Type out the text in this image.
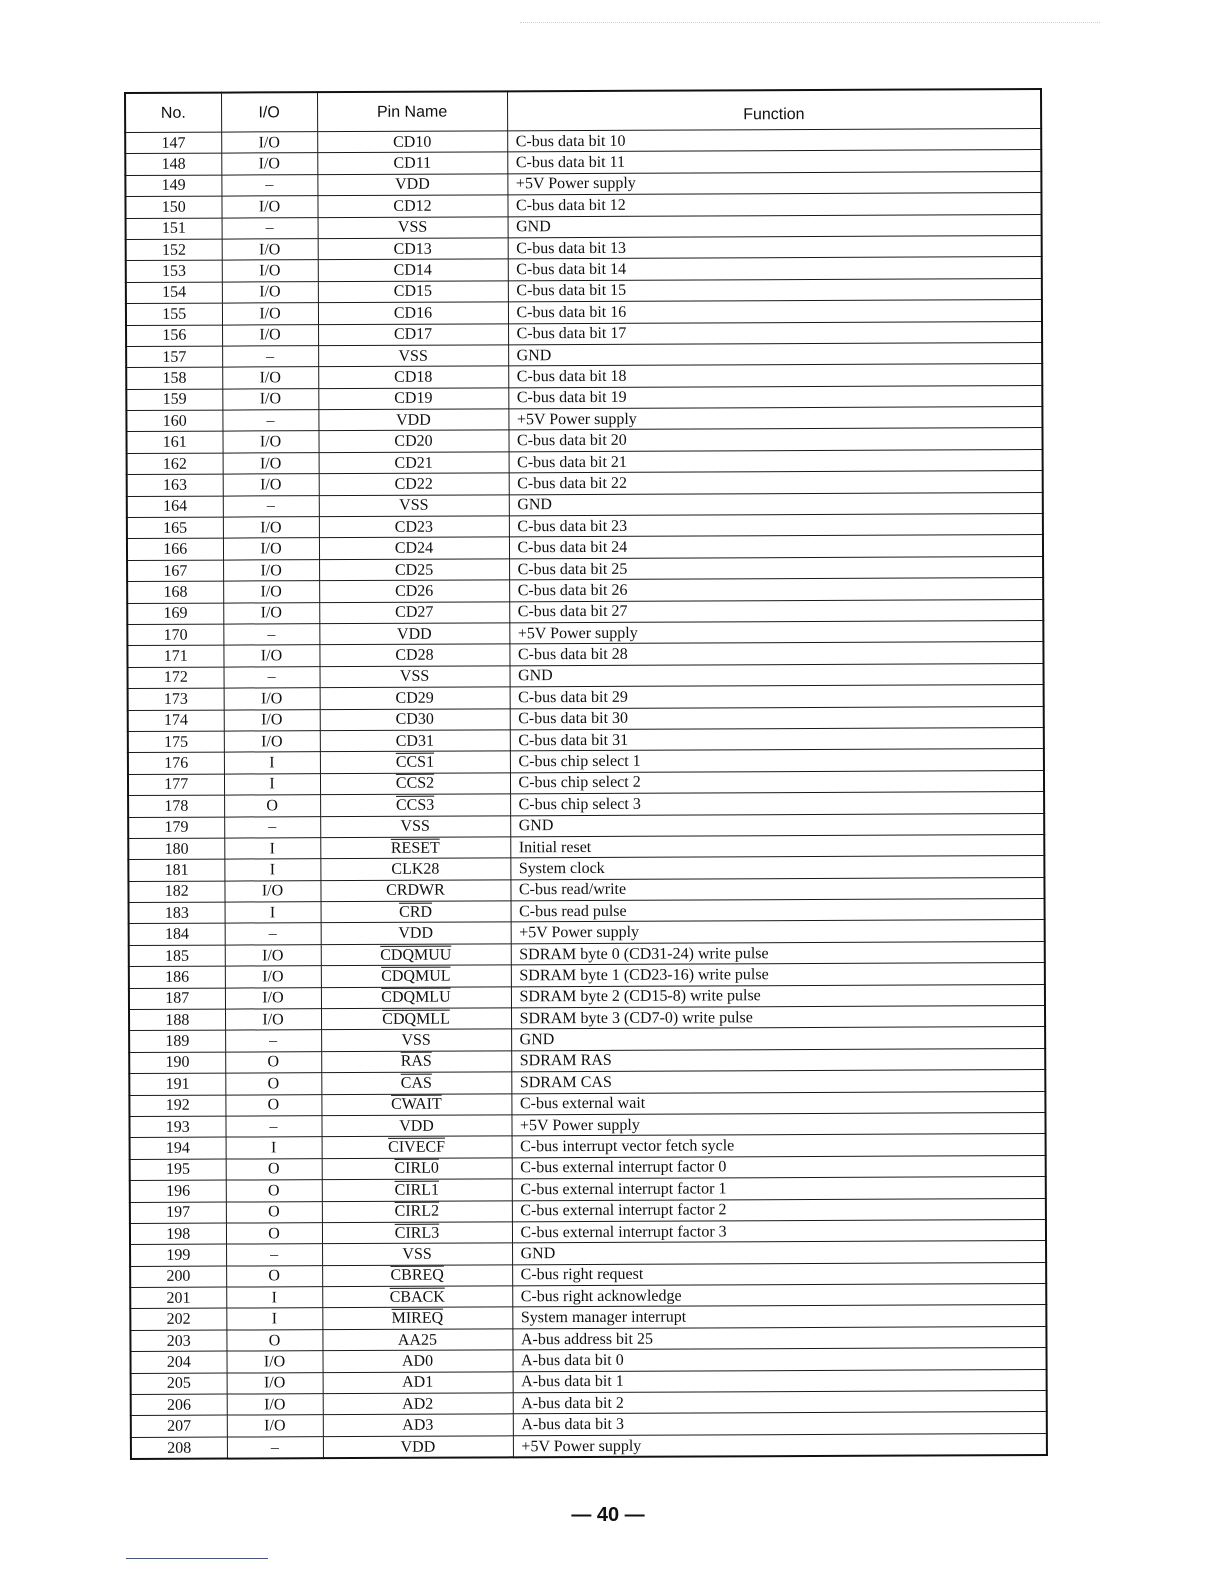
No.	I/O	Pin Name	Function
147	I/O	CD10	C-bus data bit 10
148	I/O	CD11	C-bus data bit 11
149	–	VDD	+5V Power supply
150	I/O	CD12	C-bus data bit 12
151	–	VSS	GND
152	I/O	CD13	C-bus data bit 13
153	I/O	CD14	C-bus data bit 14
154	I/O	CD15	C-bus data bit 15
155	I/O	CD16	C-bus data bit 16
156	I/O	CD17	C-bus data bit 17
157	–	VSS	GND
158	I/O	CD18	C-bus data bit 18
159	I/O	CD19	C-bus data bit 19
160	–	VDD	+5V Power supply
161	I/O	CD20	C-bus data bit 20
162	I/O	CD21	C-bus data bit 21
163	I/O	CD22	C-bus data bit 22
164	–	VSS	GND
165	I/O	CD23	C-bus data bit 23
166	I/O	CD24	C-bus data bit 24
167	I/O	CD25	C-bus data bit 25
168	I/O	CD26	C-bus data bit 26
169	I/O	CD27	C-bus data bit 27
170	–	VDD	+5V Power supply
171	I/O	CD28	C-bus data bit 28
172	–	VSS	GND
173	I/O	CD29	C-bus data bit 29
174	I/O	CD30	C-bus data bit 30
175	I/O	CD31	C-bus data bit 31
176	I	CCS1	C-bus chip select 1
177	I	CCS2	C-bus chip select 2
178	O	CCS3	C-bus chip select 3
179	–	VSS	GND
180	I	RESET	Initial reset
181	I	CLK28	System clock
182	I/O	CRDWR	C-bus read/write
183	I	$\overline{CRD}$	C-bus read pulse
184	–	VDD	+5V Power supply
185	I/O	CDQMUU	SDRAM byte 0 (CD31-24) write pulse
186	I/O	CDQMUL	SDRAM byte 1 (CD23-16) write pulse
187	I/O	CDQMLU	SDRAM byte 2 (CD15-8) write pulse
188	I/O	CDQMLL	SDRAM byte 3 (CD7-0) write pulse
189	–	VSS	GND
190	O	$\overline{RAS}$	SDRAM RAS
191	O	$\overline{CAS}$	SDRAM CAS
192	O	CWAIT	C-bus external wait
193	–	VDD	+5V Power supply
194	I	CIVECF	C-bus interrupt vector fetch sycle
195	O	CIRL0	C-bus external interrupt factor 0
196	O	CIRL1	C-bus external interrupt factor 1
197	O	CIRL2	C-bus external interrupt factor 2
198	O	CIRL3	C-bus external interrupt factor 3
199	–	VSS	GND
200	O	CBREQ	C-bus right request
201	I	CBACK	C-bus right acknowledge
202	I	MIREQ	System manager interrupt
203	O	AA25	A-bus address bit 25
204	I/O	AD0	A-bus data bit 0
205	I/O	AD1	A-bus data bit 1
206	I/O	AD2	A-bus data bit 2
207	I/O	AD3	A-bus data bit 3
208	–	VDD	+5V Power supply
— 40 —
